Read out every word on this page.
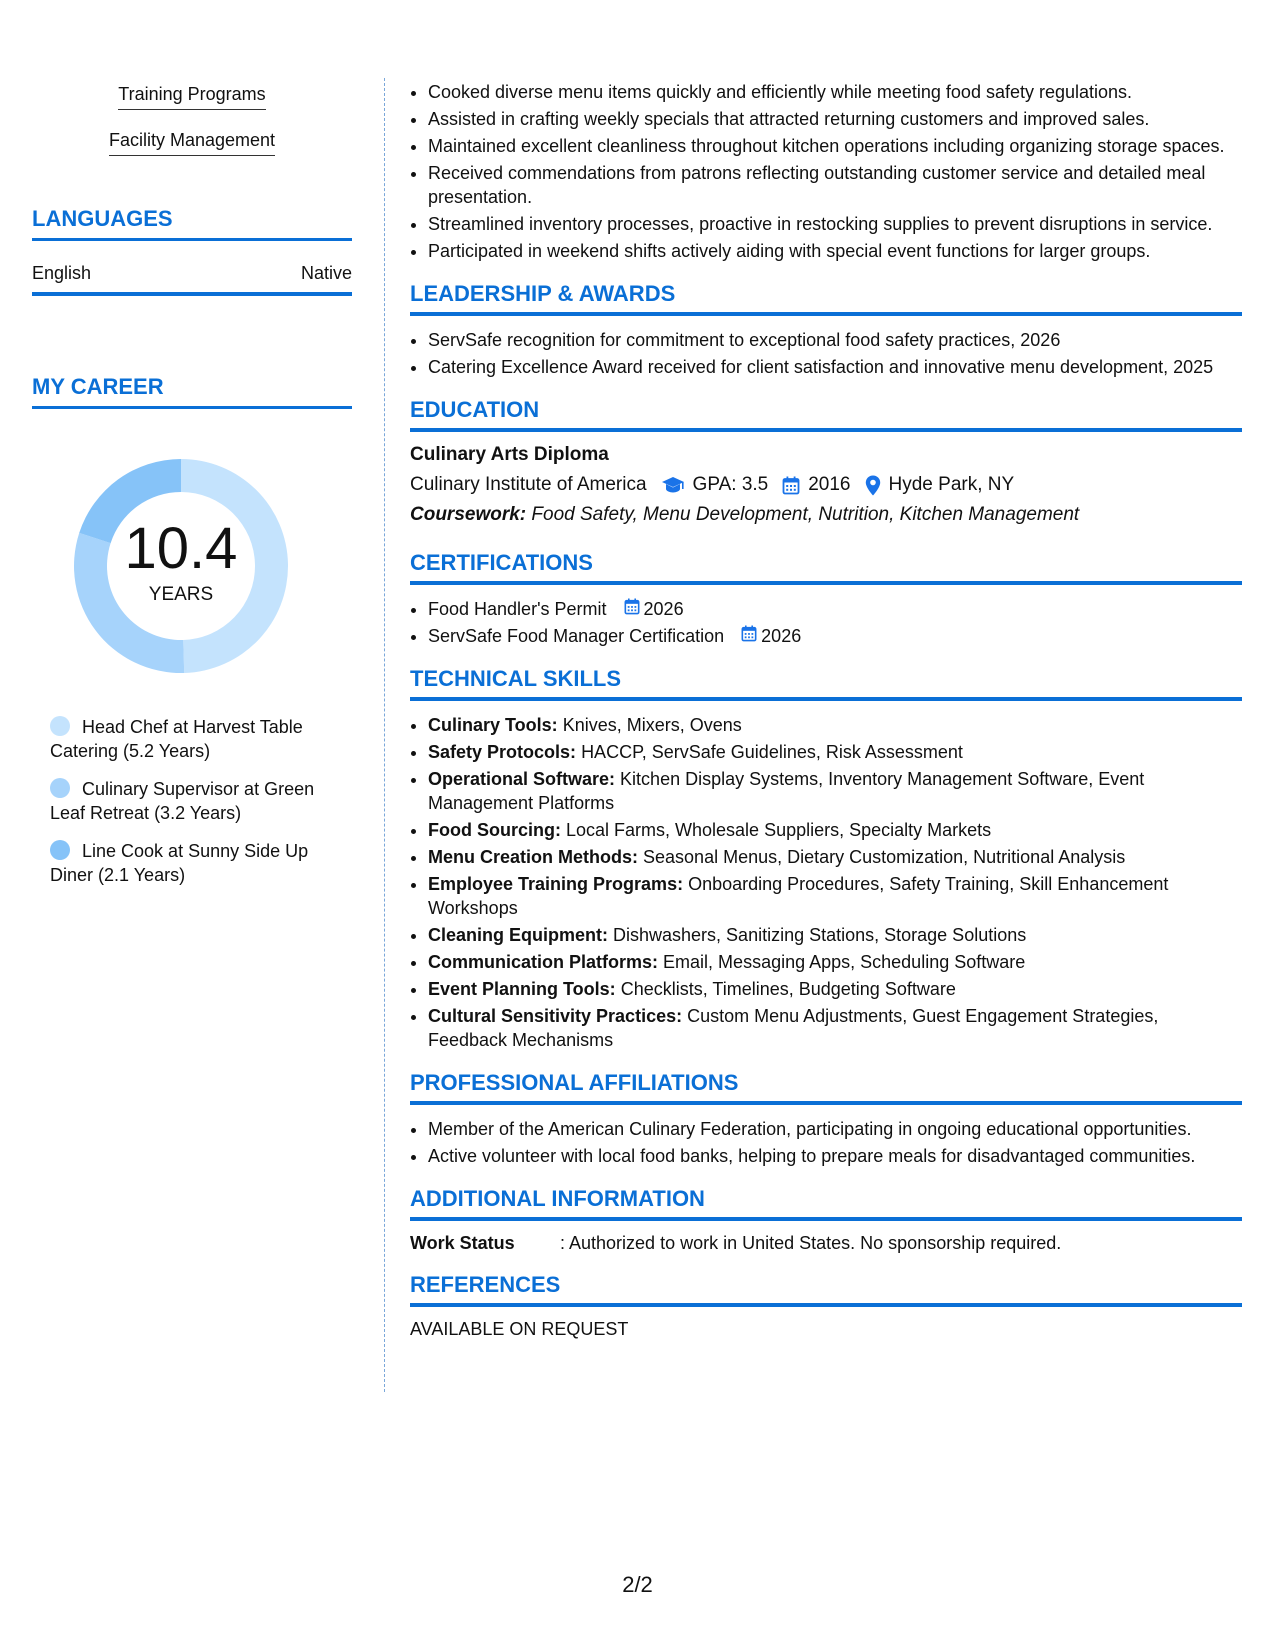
Training Programs
Facility Management
LANGUAGES
English	Native
MY CAREER
10.4
YEARS
Head Chef at Harvest Table Catering (5.2 Years)
Culinary Supervisor at Green Leaf Retreat (3.2 Years)
Line Cook at Sunny Side Up Diner (2.1 Years)
• Cooked diverse menu items quickly and efficiently while meeting food safety regulations.
• Assisted in crafting weekly specials that attracted returning customers and improved sales.
• Maintained excellent cleanliness throughout kitchen operations including organizing storage spaces.
• Received commendations from patrons reflecting outstanding customer service and detailed meal presentation.
• Streamlined inventory processes, proactive in restocking supplies to prevent disruptions in service.
• Participated in weekend shifts actively aiding with special event functions for larger groups.
LEADERSHIP & AWARDS
• ServSafe recognition for commitment to exceptional food safety practices, 2026
• Catering Excellence Award received for client satisfaction and innovative menu development, 2025
EDUCATION
Culinary Arts Diploma
Culinary Institute of America GPA: 3.5 2016 Hyde Park, NY
Coursework: Food Safety, Menu Development, Nutrition, Kitchen Management
CERTIFICATIONS
• Food Handler's Permit 2026
• ServSafe Food Manager Certification 2026
TECHNICAL SKILLS
• Culinary Tools: Knives, Mixers, Ovens
• Safety Protocols: HACCP, ServSafe Guidelines, Risk Assessment
• Operational Software: Kitchen Display Systems, Inventory Management Software, Event Management Platforms
• Food Sourcing: Local Farms, Wholesale Suppliers, Specialty Markets
• Menu Creation Methods: Seasonal Menus, Dietary Customization, Nutritional Analysis
• Employee Training Programs: Onboarding Procedures, Safety Training, Skill Enhancement Workshops
• Cleaning Equipment: Dishwashers, Sanitizing Stations, Storage Solutions
• Communication Platforms: Email, Messaging Apps, Scheduling Software
• Event Planning Tools: Checklists, Timelines, Budgeting Software
• Cultural Sensitivity Practices: Custom Menu Adjustments, Guest Engagement Strategies, Feedback Mechanisms
PROFESSIONAL AFFILIATIONS
• Member of the American Culinary Federation, participating in ongoing educational opportunities.
• Active volunteer with local food banks, helping to prepare meals for disadvantaged communities.
ADDITIONAL INFORMATION
Work Status	: Authorized to work in United States. No sponsorship required.
REFERENCES
AVAILABLE ON REQUEST
2/2
